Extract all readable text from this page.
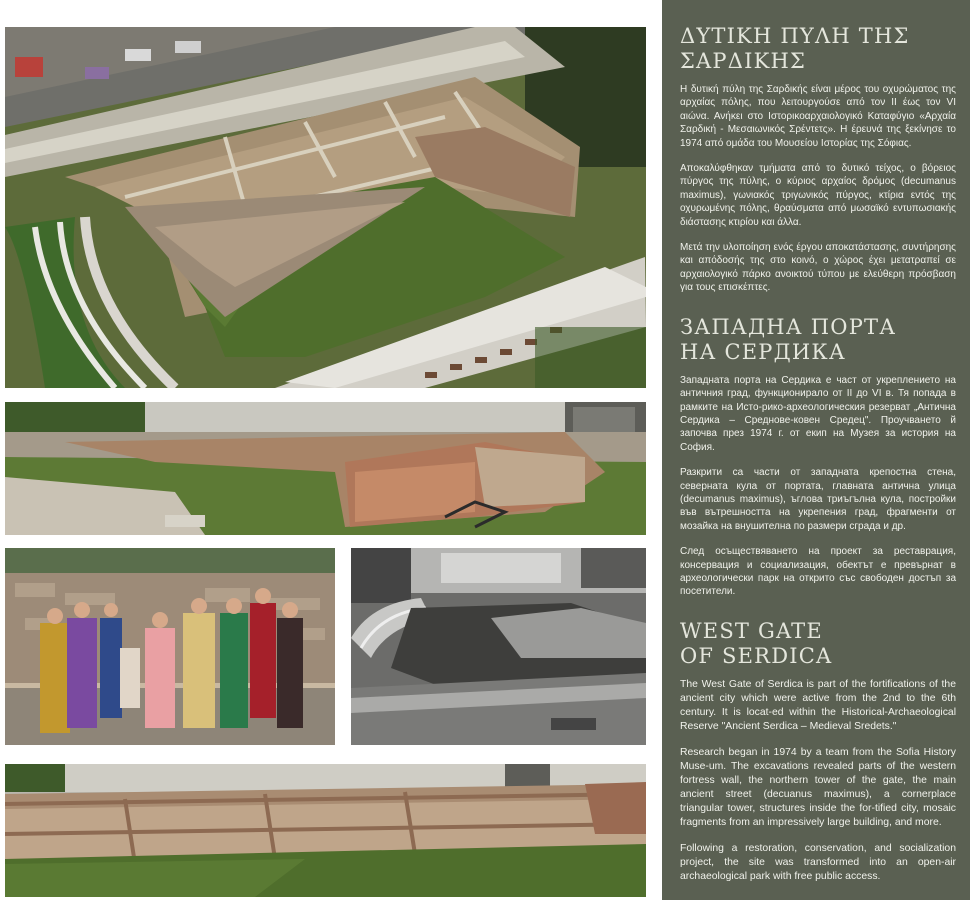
ΔΥΤΙΚΗ ΠΥΛΗ ΤΗΣ
ΣΑΡΔΙΚΗΣ

Η δυτική πύλη της Σαρδικής είναι μέρος του οχυρώματος της αρχαίας πόλης, που λειτουργούσε από τον ΙΙ έως τον VΙ αιώνα. Ανήκει στο Ιστορικοαρχαιολογικό Καταφύγιο «Αρχαία Σαρδική - Μεσαιωνικός Σρέντετς». Η έρευνά της ξεκίνησε το 1974 από ομάδα του Μουσείου Ιστορίας της Σόφιας.

Αποκαλύφθηκαν τμήματα από το δυτικό τείχος, ο βόρειος πύργος της πύλης, ο κύριος αρχαίος δρόμος (decumanus maximus), γωνιακός τριγωνικός πύργος, κτίρια εντός της οχυρωμένης πόλης, θραύσματα από μωσαϊκό εντυπωσιακής διάστασης κτιρίου και άλλα.

Μετά την υλοποίηση ενός έργου αποκατάστασης, συντήρησης και απόδοσής της στο κοινό, ο χώρος έχει μετατραπεί σε αρχαιολογικό πάρκο ανοικτού τύπου με ελεύθερη πρόσβαση για τους επισκέπτες.

ЗАПАДНА ПОРТА
НА СЕРДИКА

Западната порта на Сердика е част от укреплението на античния град, функционирало от II до VI в. Тя попада в рамките на Исто-рико-археологическия резерват „Античнa Сердика – Среднове-ковен Средец". Проучването й започва през 1974 г. от екип на Музея за история на София.

Разкрити са части от западната крепостна стена, северната кула от портата, главната антична улица (decumanus maximus), ъглова триъгълна кула, постройки във вътрешността на укрепения град, фрагменти от мозайка на внушителна по размери сграда и др.

След осъществяването на проект за реставрация, консервация и социализация, обектът е превърнат в археологически парк на открито със свободен достъп за посетители.

WEST GATE
OF SERDICA

The West Gate of Serdica is part of the fortifications of the ancient city which were active from the 2nd to the 6th century. It is locat-ed within the Historical-Archaeological Reserve "Ancient Serdica – Medieval Sredets."

Research began in 1974 by a team from the Sofia History Muse-um. The excavations revealed parts of the western fortress wall, the northern tower of the gate, the main ancient street (decuanus maximus), a cornerplace triangular tower, structures inside the for-tified city, mosaic fragments from an impressively large building, and more.

Following a restoration, conservation, and socialization project, the site was transformed into an open-air archaeological park with free public access.
